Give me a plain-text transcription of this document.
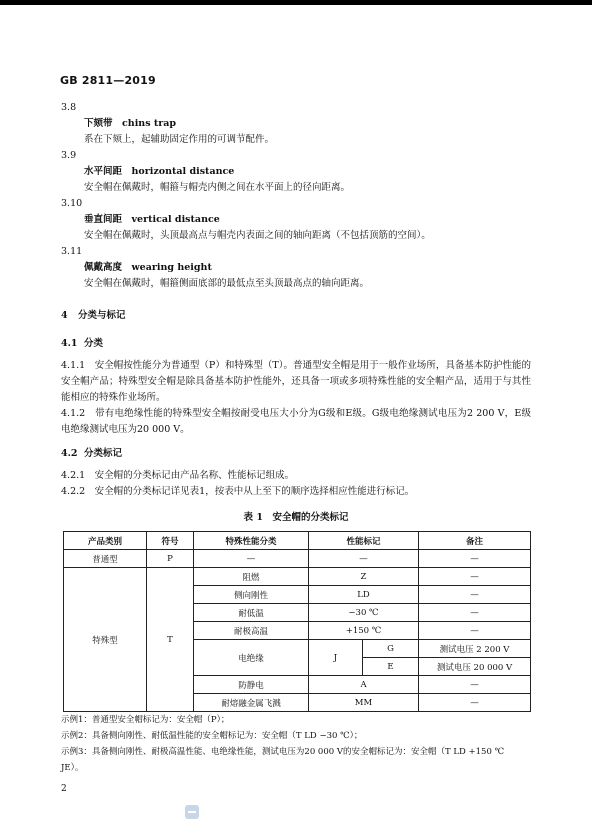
GB 2811—2019
3.8
下颏带　chins trap
系在下颏上，起辅助固定作用的可调节配件。
3.9
水平间距　horizontal distance
安全帽在佩戴时，帽箍与帽壳内侧之间在水平面上的径向距离。
3.10
垂直间距　vertical distance
安全帽在佩戴时，头顶最高点与帽壳内表面之间的轴向距离（不包括顶筋的空间）。
3.11
佩戴高度　wearing height
安全帽在佩戴时，帽箍侧面底部的最低点至头顶最高点的轴向距离。
4 分类与标记
4.1 分类
4.1.1　安全帽按性能分为普通型（P）和特殊型（T）。普通型安全帽是用于一般作业场所，具备基本防护性能的安全帽产品；特殊型安全帽是除具备基本防护性能外，还具备一项或多项特殊性能的安全帽产品，适用于与其性能相应的特殊作业场所。
4.1.2　带有电绝缘性能的特殊型安全帽按耐受电压大小分为G级和E级。G级电绝缘测试电压为2 200 V，E级电绝缘测试电压为20 000 V。
4.2 分类标记
4.2.1　安全帽的分类标记由产品名称、性能标记组成。
4.2.2　安全帽的分类标记详见表1，按表中从上至下的顺序选择相应性能进行标记。
表 1　安全帽的分类标记
产品类别	符号	特殊性能分类	性能标记		备注
普通型	P	—	—		—
特殊型	T	阻燃	Z		—
		侧向刚性	LD		—
		耐低温	−30 ℃		—
		耐极高温	+150 ℃		—
		电绝缘	J	G	测试电压 2 200 V
				E	测试电压 20 000 V
		防静电	A		—
		耐熔融金属飞溅	MM		—
示例1：普通型安全帽标记为：安全帽（P）；
示例2：具备侧向刚性、耐低温性能的安全帽标记为：安全帽（T LD −30 ℃）；
示例3：具备侧向刚性、耐极高温性能、电绝缘性能，测试电压为20 000 V的安全帽标记为：安全帽（T LD +150 ℃
JE）。
2
